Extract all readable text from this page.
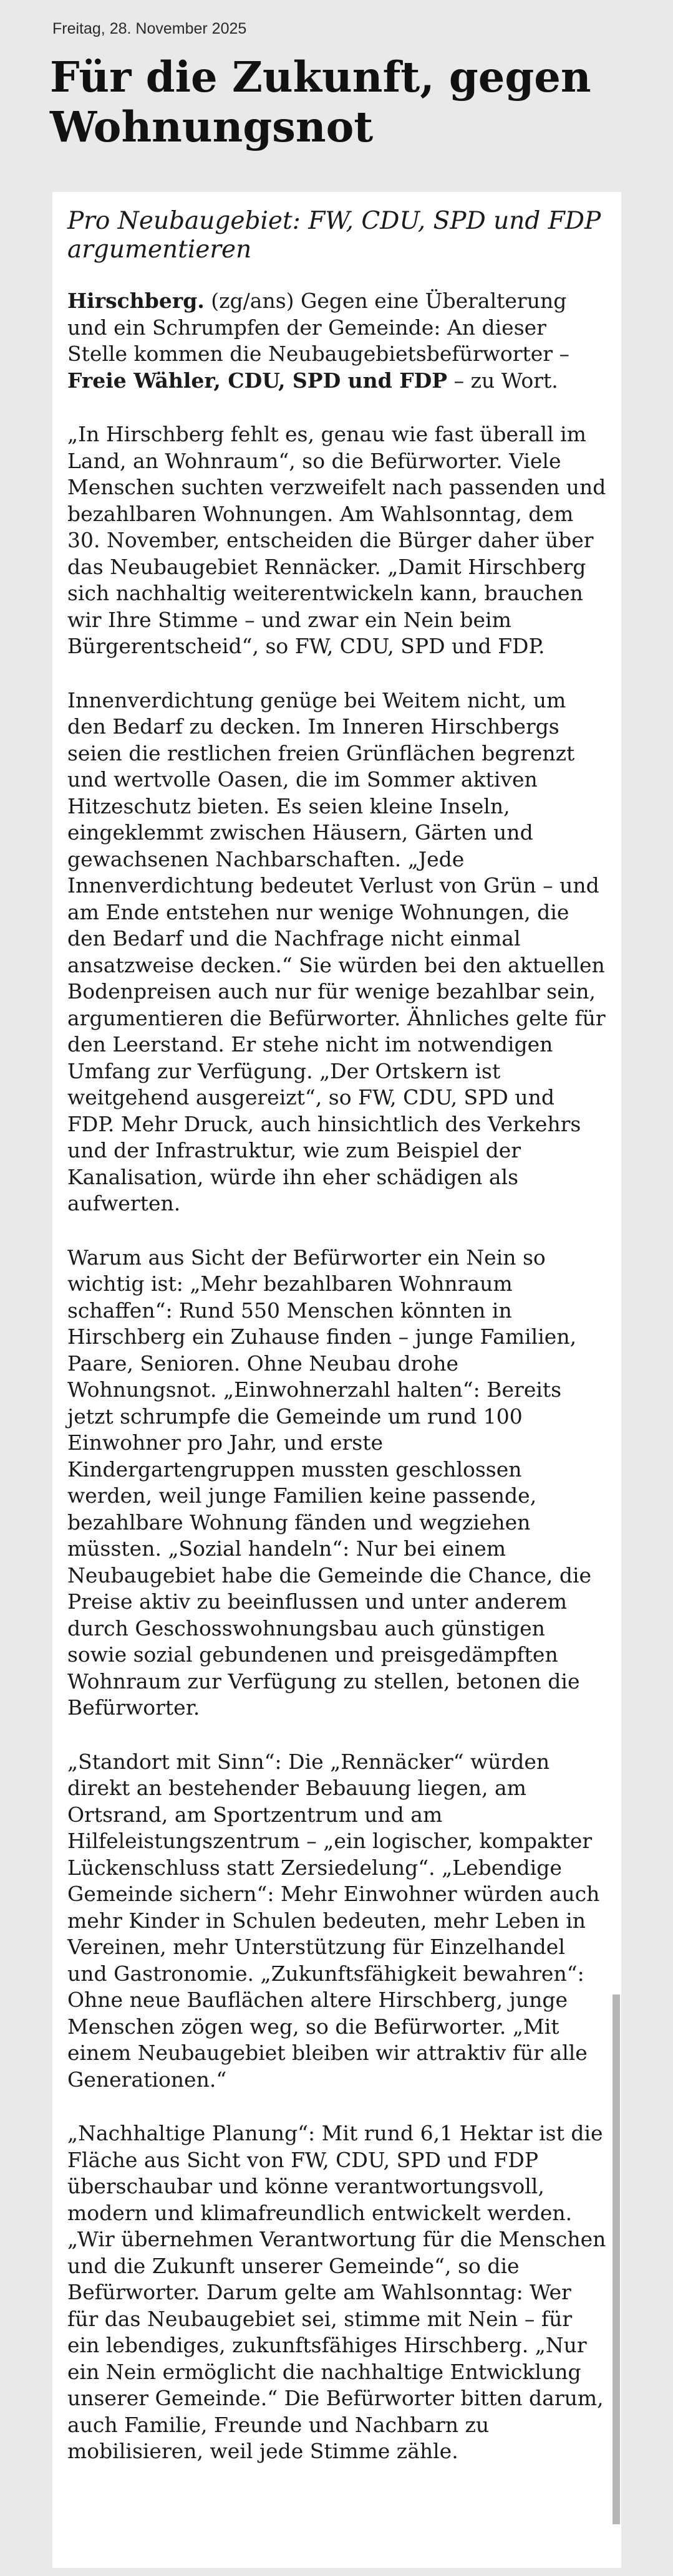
Freitag, 28. November 2025
Für die Zukunft, gegen Wohnungsnot
Pro Neubaugebiet: FW, CDU, SPD und FDP argumentieren

Hirschberg. (zg/ans) Gegen eine Überalterung und ein Schrumpfen der Gemeinde: An dieser Stelle kommen die Neubaugebietsbefürworter – Freie Wähler, CDU, SPD und FDP – zu Wort.

„In Hirschberg fehlt es, genau wie fast überall im Land, an Wohnraum“, so die Befürworter. Viele Menschen suchten verzweifelt nach passenden und bezahlbaren Wohnungen. Am Wahlsonntag, dem 30. November, entscheiden die Bürger daher über das Neubaugebiet Rennäcker. „Damit Hirschberg sich nachhaltig weiterentwickeln kann, brauchen wir Ihre Stimme – und zwar ein Nein beim Bürgerentscheid“, so FW, CDU, SPD und FDP.

Innenverdichtung genüge bei Weitem nicht, um den Bedarf zu decken. Im Inneren Hirschbergs seien die restlichen freien Grünflächen begrenzt und wertvolle Oasen, die im Sommer aktiven Hitzeschutz bieten. Es seien kleine Inseln, eingeklemmt zwischen Häusern, Gärten und gewachsenen Nachbarschaften. „Jede Innenverdichtung bedeutet Verlust von Grün – und am Ende entstehen nur wenige Wohnungen, die den Bedarf und die Nachfrage nicht einmal ansatzweise decken.“ Sie würden bei den aktuellen Bodenpreisen auch nur für wenige bezahlbar sein, argumentieren die Befürworter. Ähnliches gelte für den Leerstand. Er stehe nicht im notwendigen Umfang zur Verfügung. „Der Ortskern ist weitgehend ausgereizt“, so FW, CDU, SPD und FDP. Mehr Druck, auch hinsichtlich des Verkehrs und der Infrastruktur, wie zum Beispiel der Kanalisation, würde ihn eher schädigen als aufwerten.

Warum aus Sicht der Befürworter ein Nein so wichtig ist: „Mehr bezahlbaren Wohnraum schaffen“: Rund 550 Menschen könnten in Hirschberg ein Zuhause finden – junge Familien, Paare, Senioren. Ohne Neubau drohe Wohnungsnot. „Einwohnerzahl halten“: Bereits jetzt schrumpfe die Gemeinde um rund 100 Einwohner pro Jahr, und erste Kindergartengruppen mussten geschlossen werden, weil junge Familien keine passende, bezahlbare Wohnung fänden und wegziehen müssten. „Sozial handeln“: Nur bei einem Neubaugebiet habe die Gemeinde die Chance, die Preise aktiv zu beeinflussen und unter anderem durch Geschosswohnungsbau auch günstigen sowie sozial gebundenen und preisgedämpften Wohnraum zur Verfügung zu stellen, betonen die Befürworter.

„Standort mit Sinn“: Die „Rennäcker“ würden direkt an bestehender Bebauung liegen, am Ortsrand, am Sportzentrum und am Hilfeleistungszentrum – „ein logischer, kompakter Lückenschluss statt Zersiedelung“. „Lebendige Gemeinde sichern“: Mehr Einwohner würden auch mehr Kinder in Schulen bedeuten, mehr Leben in Vereinen, mehr Unterstützung für Einzelhandel und Gastronomie. „Zukunftsfähigkeit bewahren“: Ohne neue Bauflächen altere Hirschberg, junge Menschen zögen weg, so die Befürworter. „Mit einem Neubaugebiet bleiben wir attraktiv für alle Generationen.“

„Nachhaltige Planung“: Mit rund 6,1 Hektar ist die Fläche aus Sicht von FW, CDU, SPD und FDP überschaubar und könne verantwortungsvoll, modern und klimafreundlich entwickelt werden. „Wir übernehmen Verantwortung für die Menschen und die Zukunft unserer Gemeinde“, so die Befürworter. Darum gelte am Wahlsonntag: Wer für das Neubaugebiet sei, stimme mit Nein – für ein lebendiges, zukunftsfähiges Hirschberg. „Nur ein Nein ermöglicht die nachhaltige Entwicklung unserer Gemeinde.“ Die Befürworter bitten darum, auch Familie, Freunde und Nachbarn zu mobilisieren, weil jede Stimme zähle.
